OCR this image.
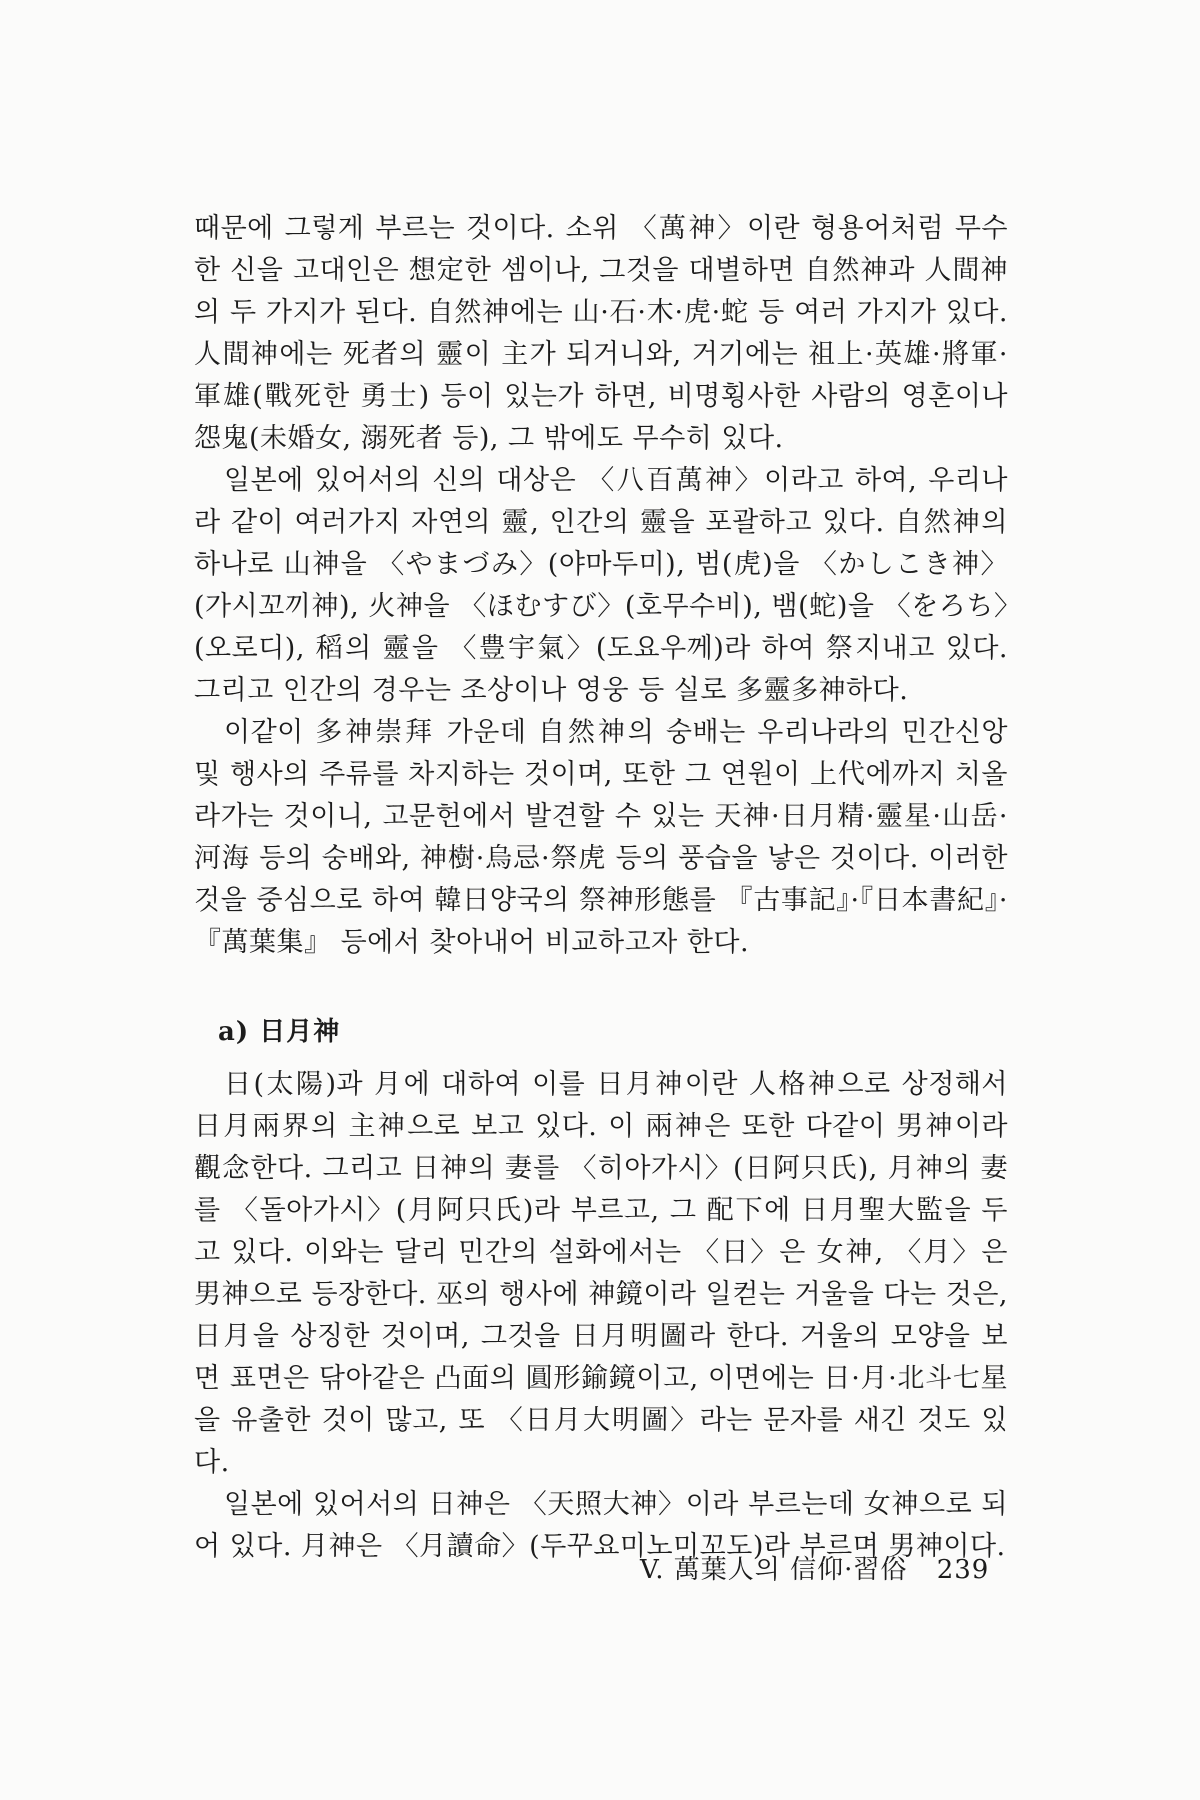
때문에 그렇게 부르는 것이다. 소위 〈萬神〉이란 형용어처럼 무수한 신을 고대인은 想定한 셈이나, 그것을 대별하면 自然神과 人間神의 두 가지가 된다. 自然神에는 山·石·木·虎·蛇 등 여러 가지가 있다. 人間神에는 死者의 靈이 主가 되거니와, 거기에는 祖上·英雄·將軍·軍雄(戰死한 勇士) 등이 있는가 하면, 비명횡사한 사람의 영혼이나 怨鬼(未婚女, 溺死者 등), 그 밖에도 무수히 있다.

일본에 있어서의 신의 대상은 〈八百萬神〉이라고 하여, 우리나라 같이 여러가지 자연의 靈, 인간의 靈을 포괄하고 있다. 自然神의 하나로 山神을 〈やまづみ〉(야마두미), 범(虎)을 〈かしこき神〉(가시꼬끼神), 火神을 〈ほむすび〉(호무수비), 뱀(蛇)을 〈をろち〉(오로디), 稻의 靈을 〈豊宇氣〉(도요우께)라 하여 祭지내고 있다. 그리고 인간의 경우는 조상이나 영웅 등 실로 多靈多神하다.

이같이 多神崇拜 가운데 自然神의 숭배는 우리나라의 민간신앙 및 행사의 주류를 차지하는 것이며, 또한 그 연원이 上代에까지 치올라가는 것이니, 고문헌에서 발견할 수 있는 天神·日月精·靈星·山岳·河海 등의 숭배와, 神樹·烏忌·祭虎 등의 풍습을 낳은 것이다. 이러한 것을 중심으로 하여 韓日양국의 祭神形態를 『古事記』·『日本書紀』·『萬葉集』 등에서 찾아내어 비교하고자 한다.

a) 日月神

日(太陽)과 月에 대하여 이를 日月神이란 人格神으로 상정해서 日月兩界의 主神으로 보고 있다. 이 兩神은 또한 다같이 男神이라 觀念한다. 그리고 日神의 妻를 〈히아가시〉(日阿只氏), 月神의 妻를 〈돌아가시〉(月阿只氏)라 부르고, 그 配下에 日月聖大監을 두고 있다. 이와는 달리 민간의 설화에서는 〈日〉은 女神, 〈月〉은 男神으로 등장한다. 巫의 행사에 神鏡이라 일컫는 거울을 다는 것은, 日月을 상징한 것이며, 그것을 日月明圖라 한다. 거울의 모양을 보면 표면은 닦아같은 凸面의 圓形鍮鏡이고, 이면에는 日·月·北斗七星을 유출한 것이 많고, 또 〈日月大明圖〉라는 문자를 새긴 것도 있다.

일본에 있어서의 日神은 〈天照大神〉이라 부르는데 女神으로 되어 있다. 月神은 〈月讀命〉(두꾸요미노미꼬도)라 부르며 男神이다.

V. 萬葉人의 信仰·習俗 239
